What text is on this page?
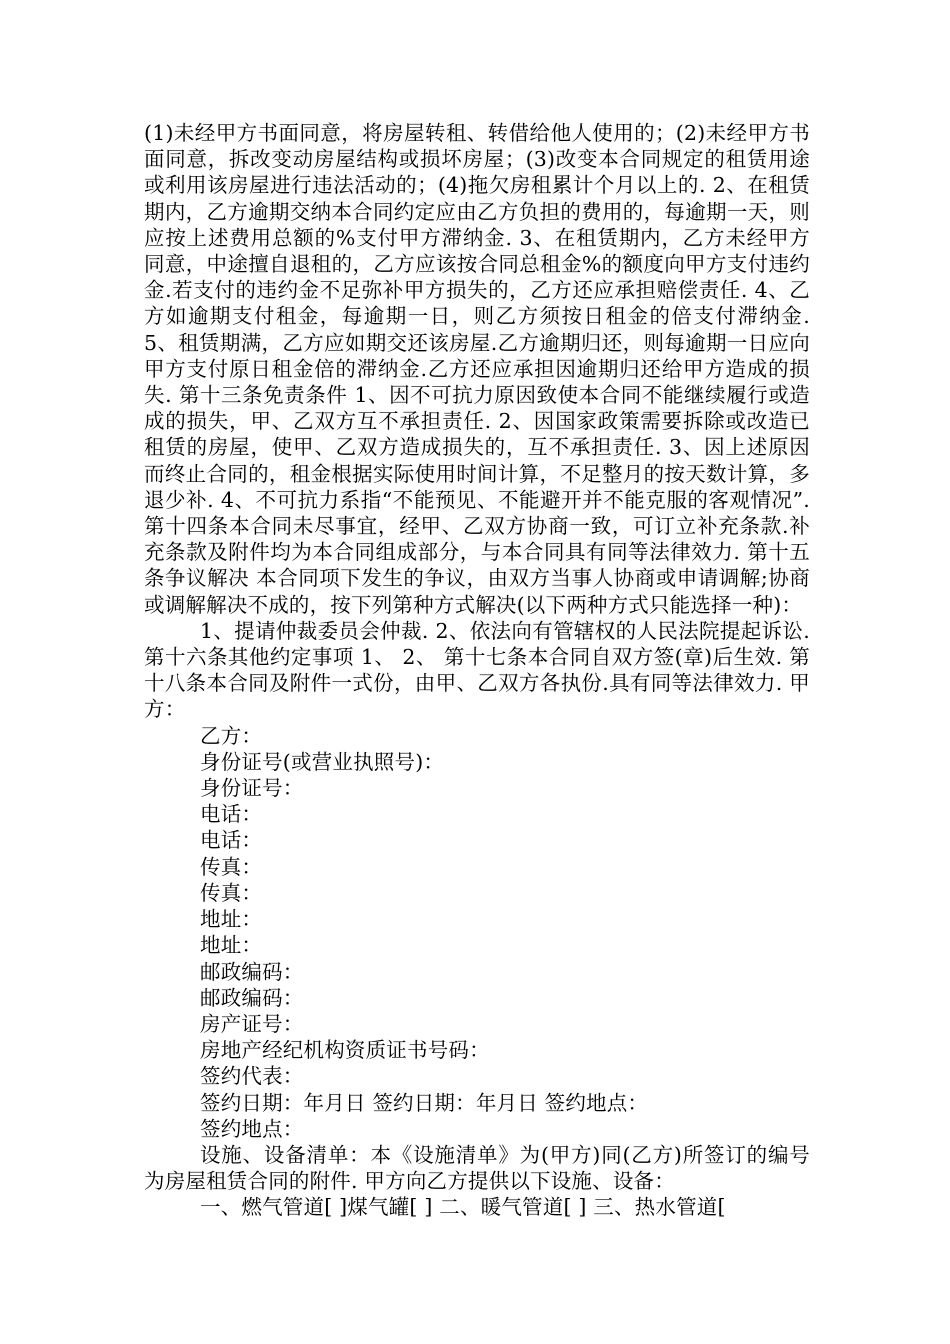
(1)未经甲方书面同意，将房屋转租、转借给他人使用的；(2)未经甲方书面同意，拆改变动房屋结构或损坏房屋；(3)改变本合同规定的租赁用途或利用该房屋进行违法活动的；(4)拖欠房租累计个月以上的. 2、在租赁期内，乙方逾期交纳本合同约定应由乙方负担的费用的，每逾期一天，则应按上述费用总额的%支付甲方滞纳金. 3、在租赁期内，乙方未经甲方同意，中途擅自退租的，乙方应该按合同总租金%的额度向甲方支付违约金.若支付的违约金不足弥补甲方损失的，乙方还应承担赔偿责任. 4、乙方如逾期支付租金，每逾期一日，则乙方须按日租金的倍支付滞纳金. 5、租赁期满，乙方应如期交还该房屋.乙方逾期归还，则每逾期一日应向甲方支付原日租金倍的滞纳金.乙方还应承担因逾期归还给甲方造成的损失. 第十三条免责条件 1、因不可抗力原因致使本合同不能继续履行或造成的损失，甲、乙双方互不承担责任. 2、因国家政策需要拆除或改造已租赁的房屋，使甲、乙双方造成损失的，互不承担责任. 3、因上述原因而终止合同的，租金根据实际使用时间计算，不足整月的按天数计算，多退少补. 4、不可抗力系指“不能预见、不能避开并不能克服的客观情况”. 第十四条本合同未尽事宜，经甲、乙双方协商一致，可订立补充条款.补充条款及附件均为本合同组成部分，与本合同具有同等法律效力. 第十五条争议解决 本合同项下发生的争议，由双方当事人协商或申请调解;协商或调解解决不成的，按下列第种方式解决(以下两种方式只能选择一种)：

1、提请仲裁委员会仲裁. 2、依法向有管辖权的人民法院提起诉讼. 第十六条其他约定事项 1、 2、 第十七条本合同自双方签(章)后生效. 第十八条本合同及附件一式份，由甲、乙双方各执份.具有同等法律效力. 甲方：

乙方：

身份证号(或营业执照号)：

身份证号：

电话：

电话：

传真：

传真：

地址：

地址：

邮政编码：

邮政编码：

房产证号：

房地产经纪机构资质证书号码：

签约代表：

签约日期：年月日 签约日期：年月日 签约地点：

签约地点：

设施、设备清单：本《设施清单》为(甲方)同(乙方)所签订的编号为房屋租赁合同的附件. 甲方向乙方提供以下设施、设备：

一、燃气管道[ ]煤气罐[ ] 二、暖气管道[ ] 三、热水管道[
